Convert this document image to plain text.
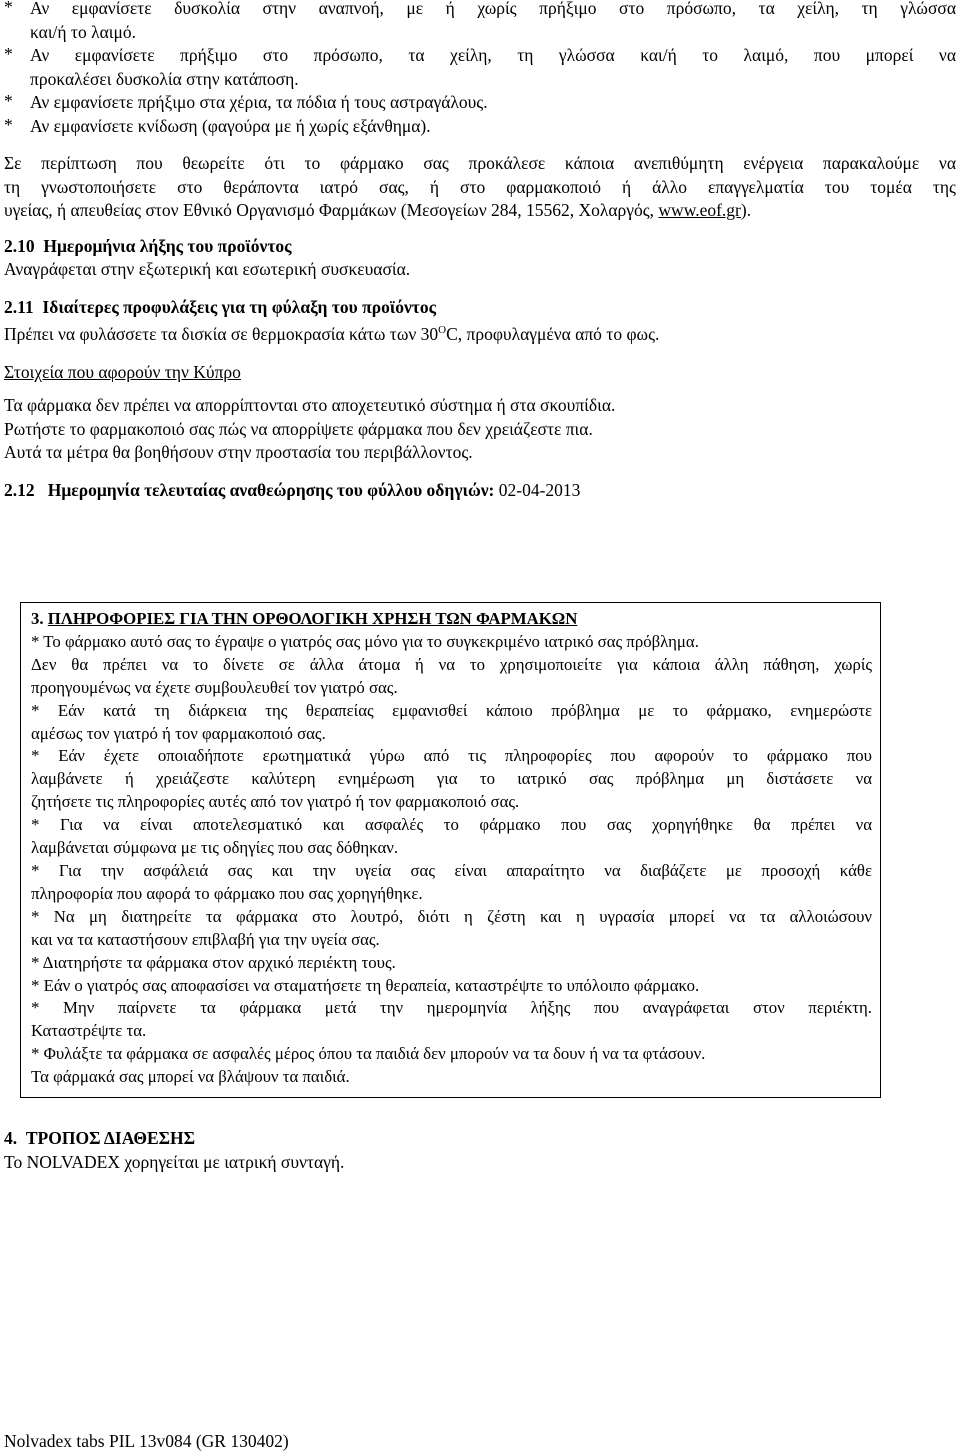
* Αν εμφανίσετε δυσκολία στην αναπνοή, με ή χωρίς πρήξιμο στο πρόσωπο, τα χείλη, τη γλώσσα
και/ή το λαιμό.
* Αν εμφανίσετε πρήξιμο στο πρόσωπο, τα χείλη, τη γλώσσα και/ή το λαιμό, που μπορεί να
προκαλέσει δυσκολία στην κατάποση.
* Αν εμφανίσετε πρήξιμο στα χέρια, τα πόδια ή τους αστραγάλους.
* Αν εμφανίσετε κνίδωση (φαγούρα με ή χωρίς εξάνθημα).
Σε περίπτωση που θεωρείτε ότι το φάρμακο σας προκάλεσε κάποια ανεπιθύμητη ενέργεια παρακαλούμε να
τη γνωστοποιήσετε στο θεράποντα ιατρό σας, ή στο φαρμακοποιό ή άλλο επαγγελματία του τομέα της
υγείας, ή απευθείας στον Εθνικό Οργανισμό Φαρμάκων (Μεσογείων 284, 15562, Χολαργός, www.eof.gr).
2.10 Ημερομήνια λήξης του προϊόντος
Αναγράφεται στην εξωτερική και εσωτερική συσκευασία.
2.11 Ιδιαίτερες προφυλάξεις για τη φύλαξη του προϊόντος
Πρέπει να φυλάσσετε τα δισκία σε θερμοκρασία κάτω των $30^OC$, προφυλαγμένα από το φως.
Στοιχεία που αφορούν την Κύπρο
Τα φάρμακα δεν πρέπει να απορρίπτονται στο αποχετευτικό σύστημα ή στα σκουπίδια.
Ρωτήστε το φαρμακοποιό σας πώς να απορρίψετε φάρμακα που δεν χρειάζεστε πια.
Αυτά τα μέτρα θα βοηθήσουν στην προστασία του περιβάλλοντος.
2.12 Ημερομηνία τελευταίας αναθεώρησης του φύλλου οδηγιών: 02-04-2013
3. ΠΛΗΡΟΦΟΡΙΕΣ ΓΙΑ ΤΗΝ ΟΡΘΟΛΟΓΙΚΗ ΧΡΗΣΗ ΤΩΝ ΦΑΡΜΑΚΩΝ
* Το φάρμακο αυτό σας το έγραψε ο γιατρός σας μόνο για το συγκεκριμένο ιατρικό σας πρόβλημα.
Δεν θα πρέπει να το δίνετε σε άλλα άτομα ή να το χρησιμοποιείτε για κάποια άλλη πάθηση, χωρίς
προηγουμένως να έχετε συμβουλευθεί τον γιατρό σας.
* Εάν κατά τη διάρκεια της θεραπείας εμφανισθεί κάποιο πρόβλημα με το φάρμακο, ενημερώστε
αμέσως τον γιατρό ή τον φαρμακοποιό σας.
* Εάν έχετε οποιαδήποτε ερωτηματικά γύρω από τις πληροφορίες που αφορούν το φάρμακο που
λαμβάνετε ή χρειάζεστε καλύτερη ενημέρωση για το ιατρικό σας πρόβλημα μη διστάσετε να
ζητήσετε τις πληροφορίες αυτές από τον γιατρό ή τον φαρμακοποιό σας.
* Για να είναι αποτελεσματικό και ασφαλές το φάρμακο που σας χορηγήθηκε θα πρέπει να
λαμβάνεται σύμφωνα με τις οδηγίες που σας δόθηκαν.
* Για την ασφάλειά σας και την υγεία σας είναι απαραίτητο να διαβάζετε με προσοχή κάθε
πληροφορία που αφορά το φάρμακο που σας χορηγήθηκε.
* Να μη διατηρείτε τα φάρμακα στο λουτρό, διότι η ζέστη και η υγρασία μπορεί να τα αλλοιώσουν
και να τα καταστήσουν επιβλαβή για την υγεία σας.
* Διατηρήστε τα φάρμακα στον αρχικό περιέκτη τους.
* Εάν ο γιατρός σας αποφασίσει να σταματήσετε τη θεραπεία, καταστρέψτε το υπόλοιπο φάρμακο.
* Μην παίρνετε τα φάρμακα μετά την ημερομηνία λήξης που αναγράφεται στον περιέκτη.
Καταστρέψτε τα.
* Φυλάξτε τα φάρμακα σε ασφαλές μέρος όπου τα παιδιά δεν μπορούν να τα δουν ή να τα φτάσουν.
Τα φάρμακά σας μπορεί να βλάψουν τα παιδιά.
4. ΤΡΟΠΟΣ ΔΙΑΘΕΣΗΣ
Το NOLVADEX χορηγείται με ιατρική συνταγή.
Nolvadex tabs PIL 13v084 (GR 130402)
